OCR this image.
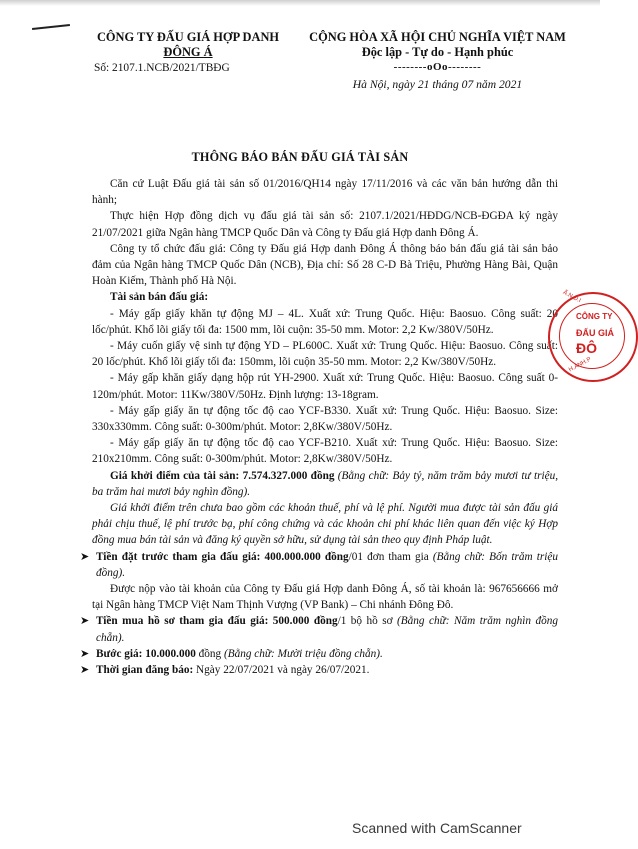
CÔNG TY ĐẤU GIÁ HỢP DANH
ĐÔNG Á
Số: 2107.1.NCB/2021/TBĐG
CỘNG HÒA XÃ HỘI CHỦ NGHĨA VIỆT NAM
Độc lập - Tự do - Hạnh phúc
--------oOo--------
Hà Nội, ngày 21 tháng 07 năm 2021
THÔNG BÁO BÁN ĐẤU GIÁ TÀI SẢN

Căn cứ Luật Đấu giá tài sản số 01/2016/QH14 ngày 17/11/2016 và các văn bản hướng dẫn thi hành;

Thực hiện Hợp đồng dịch vụ đấu giá tài sản số: 2107.1/2021/HĐDG/NCB-ĐGĐA ký ngày 21/07/2021 giữa Ngân hàng TMCP Quốc Dân và Công ty Đấu giá Hợp danh Đông Á.

Công ty tổ chức đấu giá: Công ty Đấu giá Hợp danh Đông Á thông báo bán đấu giá tài sản bảo đảm của Ngân hàng TMCP Quốc Dân (NCB), Địa chỉ: Số 28 C-D Bà Triệu, Phường Hàng Bài, Quận Hoàn Kiếm, Thành phố Hà Nội.

Tài sản bán đấu giá:

- Máy gấp giấy khăn tự động MJ – 4L. Xuất xứ: Trung Quốc. Hiệu: Baosuo. Công suất: 20 lốc/phút. Khổ lõi giấy tối đa: 1500 mm, lõi cuộn: 35-50 mm. Motor: 2,2 Kw/380V/50Hz.

- Máy cuốn giấy vệ sinh tự động YD – PL600C. Xuất xứ: Trung Quốc. Hiệu: Baosuo. Công suất: 20 lốc/phút. Khổ lõi giấy tối đa: 150mm, lõi cuộn 35-50 mm. Motor: 2,2 Kw/380V/50Hz.

- Máy gấp khăn giấy dạng hộp rút YH-2900. Xuất xứ: Trung Quốc. Hiệu: Baosuo. Công suất 0-120m/phút. Motor: 11Kw/380V/50Hz. Định lượng: 13-18gram.

- Máy gấp giấy ăn tự động tốc độ cao YCF-B330. Xuất xứ: Trung Quốc. Hiệu: Baosuo. Size: 330x330mm. Công suất: 0-300m/phút. Motor: 2,8Kw/380V/50Hz.

- Máy gấp giấy ăn tự động tốc độ cao YCF-B210. Xuất xứ: Trung Quốc. Hiệu: Baosuo. Size: 210x210mm. Công suất: 0-300m/phút. Motor: 2,8Kw/380V/50Hz.

Giá khởi điểm của tài sản: 7.574.327.000 đồng (Bằng chữ: Bảy tỷ, năm trăm bảy mươi tư triệu, ba trăm hai mươi bảy nghìn đồng).

Giá khởi điểm trên chưa bao gồm các khoản thuế, phí và lệ phí. Người mua được tài sản đấu giá phải chịu thuế, lệ phí trước bạ, phí công chứng và các khoản chi phí khác liên quan đến việc ký Hợp đồng mua bán tài sản và đăng ký quyền sở hữu, sử dụng tài sản theo quy định Pháp luật.

➤ Tiền đặt trước tham gia đấu giá: 400.000.000 đồng/01 đơn tham gia (Bằng chữ: Bốn trăm triệu đồng).

Được nộp vào tài khoản của Công ty Đấu giá Hợp danh Đông Á, số tài khoản là: 967656666 mở tại Ngân hàng TMCP Việt Nam Thịnh Vượng (VP Bank) – Chi nhánh Đông Đô.

➤ Tiền mua hồ sơ tham gia đấu giá: 500.000 đồng/1 bộ hồ sơ (Bằng chữ: Năm trăm nghìn đồng chẵn).
➤ Bước giá: 10.000.000 đồng (Bằng chữ: Mười triệu đồng chẵn).
➤ Thời gian đăng báo: Ngày 22/07/2021 và ngày 26/07/2021.
Ấ.N.Đ.I
CÔNG TY
ĐẤU GIÁ
ĐÔ
H.ANH.P
Scanned with CamScanner
